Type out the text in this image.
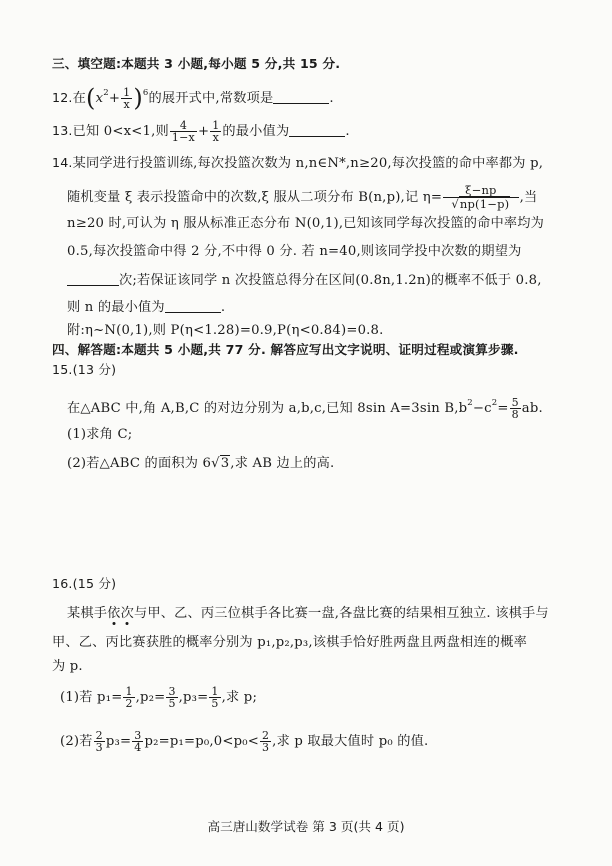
三、填空题:本题共 3 小题,每小题 5 分,共 15 分.
12.在$(x^2+ \frac{1}{x} )^6$的展开式中,常数项是	.
13.已知 0<x<1,则 $\frac{4}{1-x} + \frac{1}{x}$ 的最小值为	.
14.某同学进行投篮训练,每次投篮次数为 n,n∈N*,n≥20,每次投篮的命中率都为 p,
随机变量 ξ 表示投篮命中的次数,ξ 服从二项分布 B(n,p),记 $\eta= \frac{\xi-np}{√np(1-p)}$ ,当
n≥20 时,可认为 η 服从标准正态分布 N(0,1),已知该同学每次投篮的命中率均为
0.5,每次投篮命中得 2 分,不中得 0 分. 若 n=40,则该同学投中次数的期望为
次;若保证该同学 n 次投篮总得分在区间(0.8n,1.2n)的概率不低于 0.8,
则 n 的最小值为	.
附:η~N(0,1),则 P(η<1.28)=0.9,P(η<0.84)=0.8.
四、解答题:本题共 5 小题,共 77 分. 解答应写出文字说明、证明过程或演算步骤.
15.(13 分)
在△ABC 中,角 A,B,C 的对边分别为 a,b,c,已知 8sin A=3sin $B,b^2-c^2= \frac{5}{8}$ ab.
(1)求角 C;
(2)若△ABC 的面积为 6√3,求 AB 边上的高.
16.(15 分)
某棋手依次与甲、乙、丙三位棋手各比赛一盘,各盘比赛的结果相互独立. 该棋手与
甲、乙、丙比赛获胜的概率分别为 p₁,p₂,p₃,该棋手恰好胜两盘且两盘相连的概率
为 p.
(1)若 $p_1= \frac{1}{2} ,p_2= \frac{3}{5} ,p_3= \frac{1}{5}$ ,求 p;
(2)若 $\frac{2}{3} p_3= \frac{3}{4} p_2=p_1=p_0,0<p_0< \frac{2}{3}$ ,求 p 取最大值时 p₀ 的值.
高三唐山数学试卷 第 3 页(共 4 页)
